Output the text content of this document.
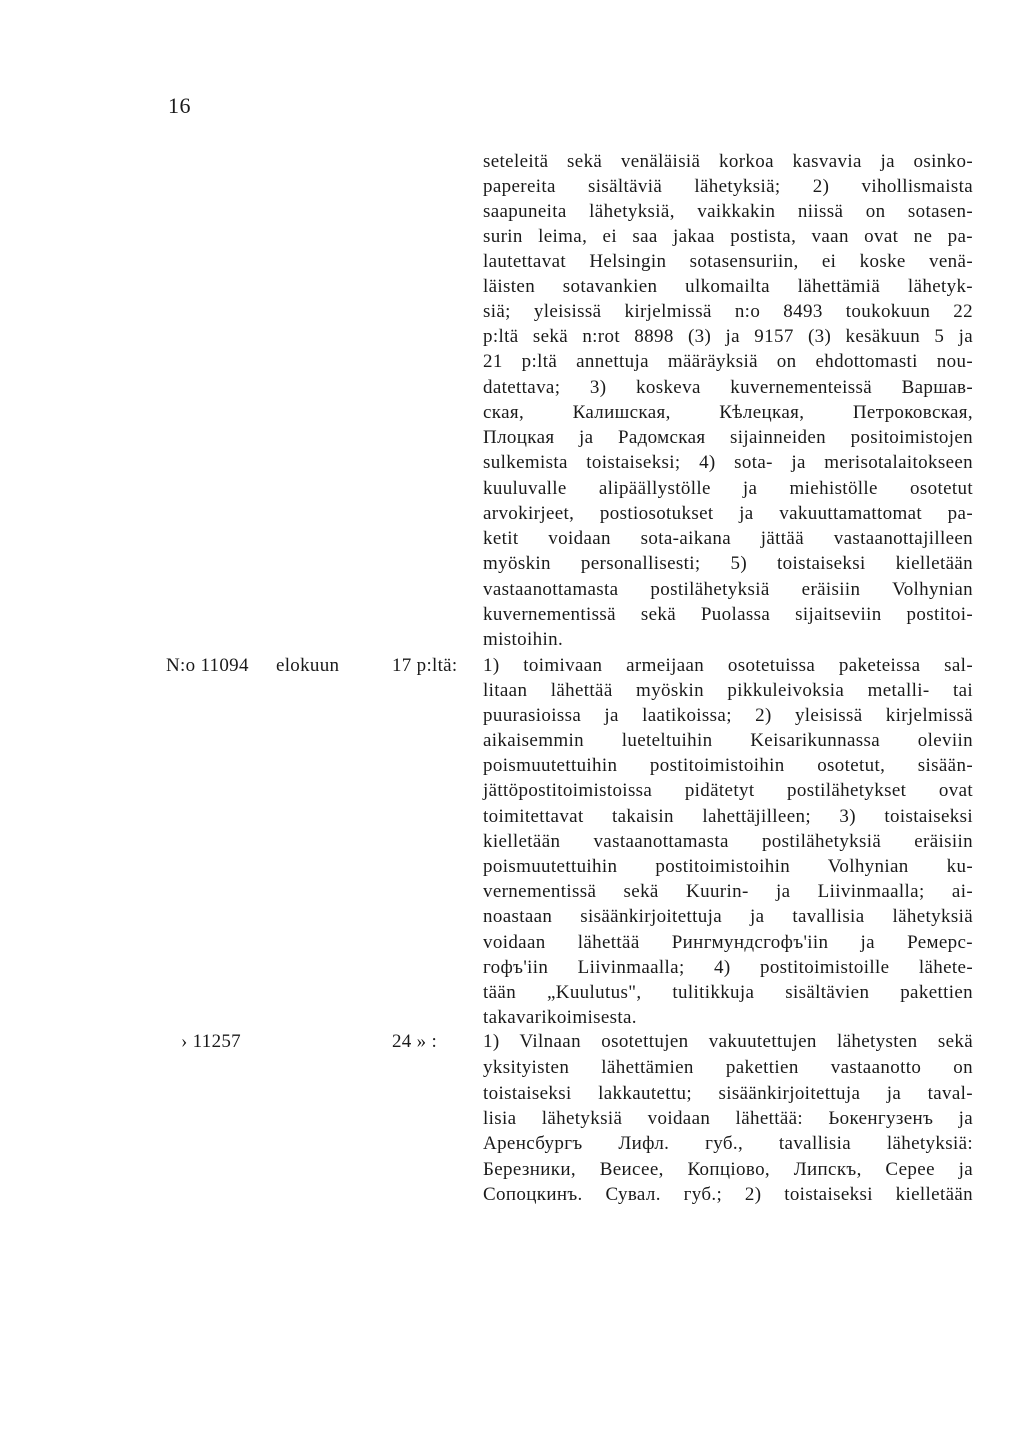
16
N:o 11094 elokuun	17 p:ltä:
› 11257	24 » :
seteleitä sekä venäläisiä korkoa kasvavia ja osinko-
papereita sisältäviä lähetyksiä; 2) vihollismaista
saapuneita lähetyksiä, vaikkakin niissä on sotasen-
surin leima, ei saa jakaa postista, vaan ovat ne pa-
lautettavat Helsingin sotasensuriin, ei koske venä-
läisten sotavankien ulkomailta lähettämiä lähetyk-
siä; yleisissä kirjelmissä n:o 8493 toukokuun 22
p:ltä sekä n:rot 8898 (3) ja 9157 (3) kesäkuun 5 ja
21 p:ltä annettuja määräyksiä on ehdottomasti nou-
datettava; 3) koskeva kuvernementeissä Варшав-
ская, Калишская, Кѣлецкая, Петроковская,
Плоцкая ja Радомская sijainneiden positoimistojen
sulkemista toistaiseksi; 4) sota- ja merisotalaitokseen
kuuluvalle alipäällystölle ja miehistölle osotetut
arvokirjeet, postiosotukset ja vakuuttamattomat pa-
ketit voidaan sota-aikana jättää vastaanottajilleen
myöskin personallisesti; 5) toistaiseksi kielletään
vastaanottamasta postilähetyksiä eräisiin Volhynian
kuvernementissä sekä Puolassa sijaitseviin postitoi-
mistoihin.
1) toimivaan armeijaan osotetuissa paketeissa sal-
litaan lähettää myöskin pikkuleivoksia metalli- tai
puurasioissa ja laatikoissa; 2) yleisissä kirjelmissä
aikaisemmin lueteltuihin Keisarikunnassa oleviin
poismuutettuihin postitoimistoihin osotetut, sisään-
jättöpostitoimistoissa pidätetyt postilähetykset ovat
toimitettavat takaisin lahettäjilleen; 3) toistaiseksi
kielletään vastaanottamasta postilähetyksiä eräisiin
poismuutettuihin postitoimistoihin Volhynian ku-
vernementissä sekä Kuurin- ja Liivinmaalla; ai-
noastaan sisäänkirjoitettuja ja tavallisia lähetyksiä
voidaan lähettää Рингмундсгофъ'iin ja Ремерс-
гофъ'iin Liivinmaalla; 4) postitoimistoille lähete-
tään „Kuulutus", tulitikkuja sisältävien pakettien
takavarikoimisesta.
1) Vilnaan osotettujen vakuutettujen lähetysten sekä
yksityisten lähettämien pakettien vastaanotto on
toistaiseksi lakkautettu; sisäänkirjoitettuja ja taval-
lisia lähetyksiä voidaan lähettää: Ьокенгузенъ ja
Аренсбургъ Лифл. губ., tavallisia lähetyksiä:
Березники, Веисее, Копціово, Липскъ, Серее ja
Сопоцкинъ. Сувал. губ.; 2) toistaiseksi kielletään
